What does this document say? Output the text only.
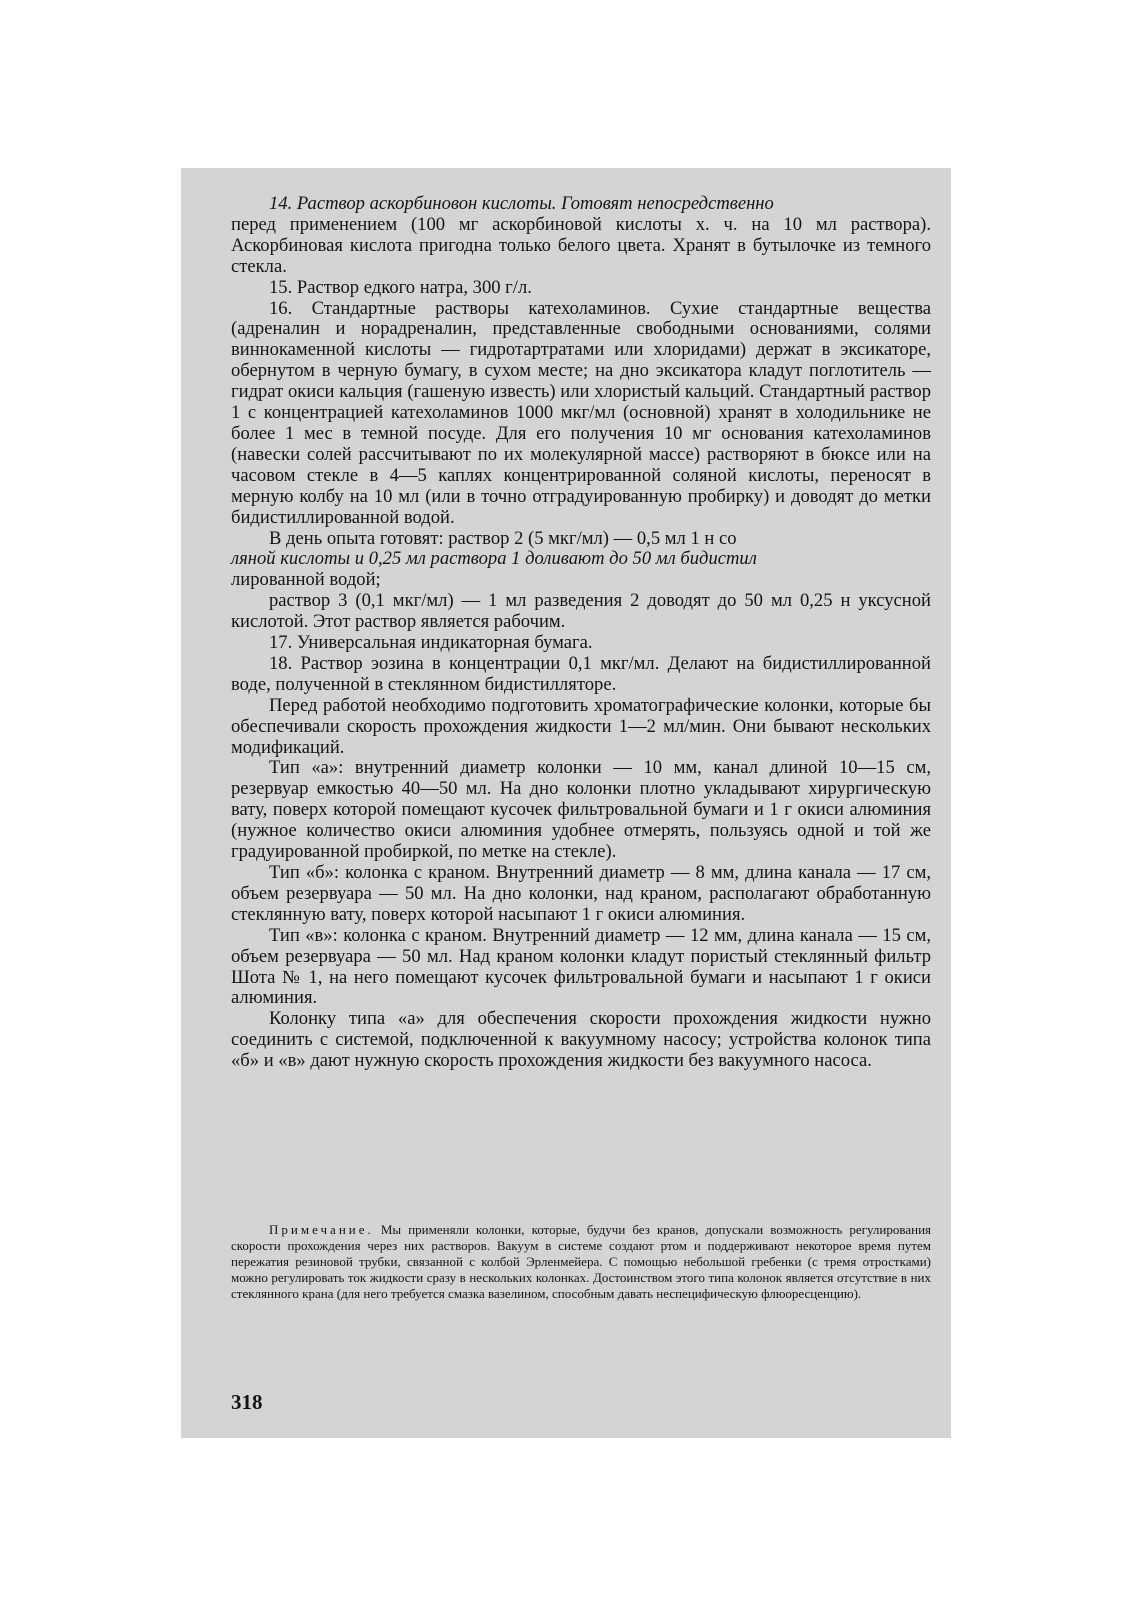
14. Раствор аскорбиновон кислоты. Готовят непосредственно

перед применением (100 мг аскорбиновой кислоты х. ч. на 10 мл раствора). Аскорбиновая кислота пригодна только белого цвета. Хранят в бутылочке из темного стекла.

15. Раствор едкого натра, 300 г/л.

16. Стандартные растворы катехоламинов. Сухие стандартные вещества (адреналин и норадреналин, представленные свободными основаниями, солями виннокаменной кислоты — гидротартратами или хлоридами) держат в эксикаторе, обернутом в черную бумагу, в сухом месте; на дно эксикатора кладут поглотитель — гидрат окиси кальция (гашеную известь) или хлористый кальций. Стандартный раствор 1 с концентрацией катехоламинов 1000 мкг/мл (основной) хранят в холодильнике не более 1 мес в темной посуде. Для его получения 10 мг основания катехоламинов (навески солей рассчитывают по их молекулярной массе) растворяют в бюксе или на часовом стекле в 4—5 каплях концентрированной соляной кислоты, переносят в мерную колбу на 10 мл (или в точно отградуированную пробирку) и доводят до метки бидистиллированной водой.

В день опыта готовят: раствор 2 (5 мкг/мл) — 0,5 мл 1 н со

ляной кислоты и 0,25 мл раствора 1 доливают до 50 мл бидистил

лированной водой;

раствор 3 (0,1 мкг/мл) — 1 мл разведения 2 доводят до 50 мл 0,25 н уксусной кислотой. Этот раствор является рабочим.

17. Универсальная индикаторная бумага.

18. Раствор эозина в концентрации 0,1 мкг/мл. Делают на бидистиллированной воде, полученной в стеклянном бидистилляторе.

Перед работой необходимо подготовить хроматографические колонки, которые бы обеспечивали скорость прохождения жидкости 1—2 мл/мин. Они бывают нескольких модификаций.

Тип «а»: внутренний диаметр колонки — 10 мм, канал длиной 10—15 см, резервуар емкостью 40—50 мл. На дно колонки плотно укладывают хирургическую вату, поверх которой помещают кусочек фильтровальной бумаги и 1 г окиси алюминия (нужное количество окиси алюминия удобнее отмерять, пользуясь одной и той же градуированной пробиркой, по метке на стекле).

Тип «б»: колонка с краном. Внутренний диаметр — 8 мм, длина канала — 17 см, объем резервуара — 50 мл. На дно колонки, над краном, располагают обработанную стеклянную вату, поверх которой насыпают 1 г окиси алюминия.

Тип «в»: колонка с краном. Внутренний диаметр — 12 мм, длина канала — 15 см, объем резервуара — 50 мл. Над краном колонки кладут пористый стеклянный фильтр Шота № 1, на него помещают кусочек фильтровальной бумаги и насыпают 1 г окиси алюминия.

Колонку типа «а» для обеспечения скорости прохождения жидкости нужно соединить с системой, подключенной к вакуумному насосу; устройства колонок типа «б» и «в» дают нужную скорость прохождения жидкости без вакуумного насоса.

Примечание. Мы применяли колонки, которые, будучи без кранов, допускали возможность регулирования скорости прохождения через них растворов. Вакуум в системе создают ртом и поддерживают некоторое время путем пережатия резиновой трубки, связанной с колбой Эрленмейера. С помощью небольшой гребенки (с тремя отростками) можно регулировать ток жидкости сразу в нескольких колонках. Достоинством этого типа колонок является отсутствие в них стеклянного крана (для него требуется смазка вазелином, способным давать неспецифическую флюоресценцию).

318
